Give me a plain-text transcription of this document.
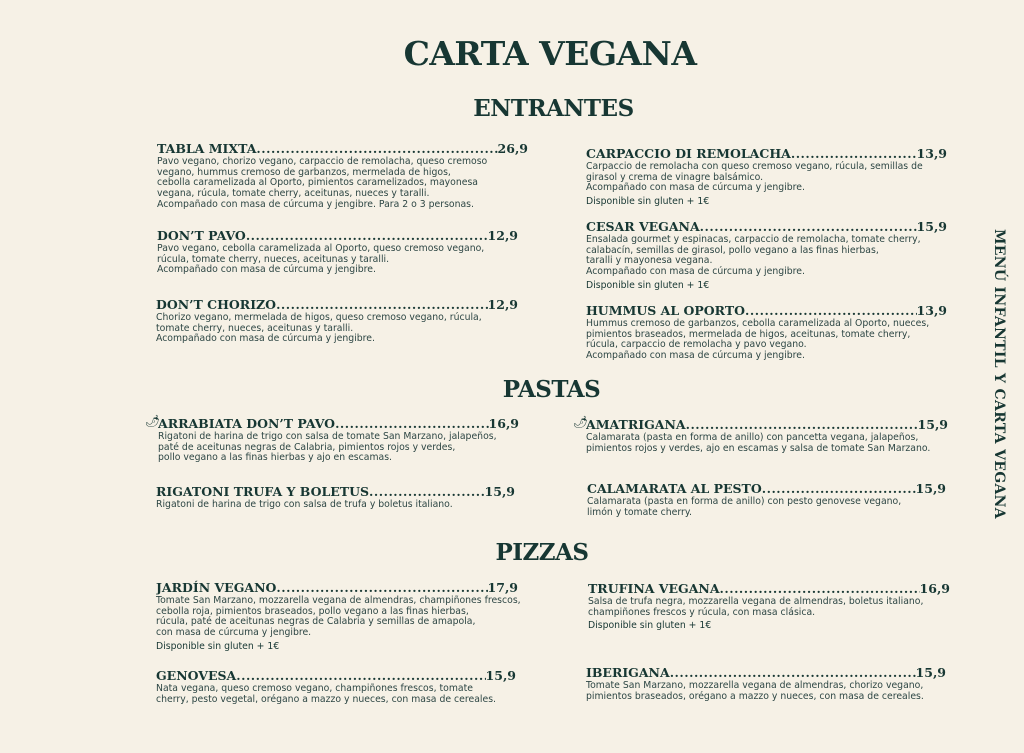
CARTA VEGANA
ENTRANTES
PASTAS
PIZZAS
MENÚ INFANTIL Y CARTA VEGANA
TABLA MIXTA .....	26,9
Pavo vegano, chorizo vegano, carpaccio de remolacha, queso cremoso
vegano, hummus cremoso de garbanzos, mermelada de higos,
cebolla caramelizada al Oporto, pimientos caramelizados, mayonesa
vegana, rúcula, tomate cherry, aceitunas, nueces y taralli.
Acompañado con masa de cúrcuma y jengibre. Para 2 o 3 personas.
DON’T PAVO .....	12,9
Pavo vegano, cebolla caramelizada al Oporto, queso cremoso vegano,
rúcula, tomate cherry, nueces, aceitunas y taralli.
Acompañado con masa de cúrcuma y jengibre.
DON’T CHORIZO .....	12,9
Chorizo vegano, mermelada de higos, queso cremoso vegano, rúcula,
tomate cherry, nueces, aceitunas y taralli.
Acompañado con masa de cúrcuma y jengibre.
CARPACCIO DI REMOLACHA .....	13,9
Carpaccio de remolacha con queso cremoso vegano, rúcula, semillas de
girasol y crema de vinagre balsámico.
Acompañado con masa de cúrcuma y jengibre.
Disponible sin gluten + 1€
CESAR VEGANA .....	15,9
Ensalada gourmet y espinacas, carpaccio de remolacha, tomate cherry,
calabacín, semillas de girasol, pollo vegano a las finas hierbas,
taralli y mayonesa vegana.
Acompañado con masa de cúrcuma y jengibre.
Disponible sin gluten + 1€
HUMMUS AL OPORTO .....	13,9
Hummus cremoso de garbanzos, cebolla caramelizada al Oporto, nueces,
pimientos braseados, mermelada de higos, aceitunas, tomate cherry,
rúcula, carpaccio de remolacha y pavo vegano.
Acompañado con masa de cúrcuma y jengibre.
🌶︎
ARRABIATA DON’T PAVO .....	16,9
Rigatoni de harina de trigo con salsa de tomate San Marzano, jalapeños,
paté de aceitunas negras de Calabria, pimientos rojos y verdes,
pollo vegano a las finas hierbas y ajo en escamas.
RIGATONI TRUFA Y BOLETUS .....	15,9
Rigatoni de harina de trigo con salsa de trufa y boletus italiano.
🌶︎
AMATRIGANA .....	15,9
Calamarata (pasta en forma de anillo) con pancetta vegana, jalapeños,
pimientos rojos y verdes, ajo en escamas y salsa de tomate San Marzano.
CALAMARATA AL PESTO .....	15,9
Calamarata (pasta en forma de anillo) con pesto genovese vegano,
limón y tomate cherry.
JARDÍN VEGANO .....	17,9
Tomate San Marzano, mozzarella vegana de almendras, champiñones frescos,
cebolla roja, pimientos braseados, pollo vegano a las finas hierbas,
rúcula, paté de aceitunas negras de Calabria y semillas de amapola,
con masa de cúrcuma y jengibre.
Disponible sin gluten + 1€
GENOVESA .....	15,9
Nata vegana, queso cremoso vegano, champiñones frescos, tomate
cherry, pesto vegetal, orégano a mazzo y nueces, con masa de cereales.
TRUFINA VEGANA .....	16,9
Salsa de trufa negra, mozzarella vegana de almendras, boletus italiano,
champiñones frescos y rúcula, con masa clásica.
Disponible sin gluten + 1€
IBERIGANA .....	15,9
Tomate San Marzano, mozzarella vegana de almendras, chorizo vegano,
pimientos braseados, orégano a mazzo y nueces, con masa de cereales.
